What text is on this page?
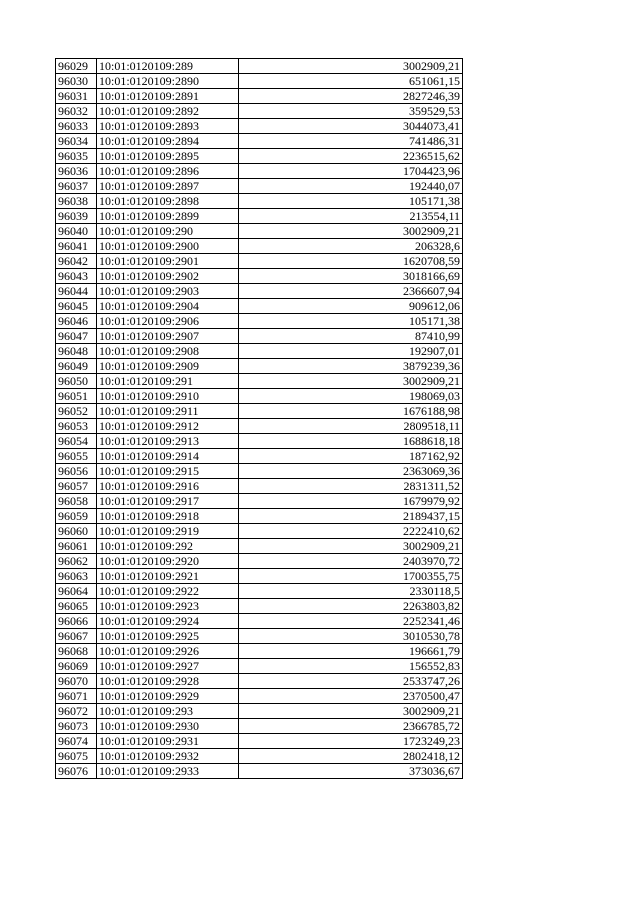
96029	10:01:0120109:289	3002909,21
96030	10:01:0120109:2890	651061,15
96031	10:01:0120109:2891	2827246,39
96032	10:01:0120109:2892	359529,53
96033	10:01:0120109:2893	3044073,41
96034	10:01:0120109:2894	741486,31
96035	10:01:0120109:2895	2236515,62
96036	10:01:0120109:2896	1704423,96
96037	10:01:0120109:2897	192440,07
96038	10:01:0120109:2898	105171,38
96039	10:01:0120109:2899	213554,11
96040	10:01:0120109:290	3002909,21
96041	10:01:0120109:2900	206328,6
96042	10:01:0120109:2901	1620708,59
96043	10:01:0120109:2902	3018166,69
96044	10:01:0120109:2903	2366607,94
96045	10:01:0120109:2904	909612,06
96046	10:01:0120109:2906	105171,38
96047	10:01:0120109:2907	87410,99
96048	10:01:0120109:2908	192907,01
96049	10:01:0120109:2909	3879239,36
96050	10:01:0120109:291	3002909,21
96051	10:01:0120109:2910	198069,03
96052	10:01:0120109:2911	1676188,98
96053	10:01:0120109:2912	2809518,11
96054	10:01:0120109:2913	1688618,18
96055	10:01:0120109:2914	187162,92
96056	10:01:0120109:2915	2363069,36
96057	10:01:0120109:2916	2831311,52
96058	10:01:0120109:2917	1679979,92
96059	10:01:0120109:2918	2189437,15
96060	10:01:0120109:2919	2222410,62
96061	10:01:0120109:292	3002909,21
96062	10:01:0120109:2920	2403970,72
96063	10:01:0120109:2921	1700355,75
96064	10:01:0120109:2922	2330118,5
96065	10:01:0120109:2923	2263803,82
96066	10:01:0120109:2924	2252341,46
96067	10:01:0120109:2925	3010530,78
96068	10:01:0120109:2926	196661,79
96069	10:01:0120109:2927	156552,83
96070	10:01:0120109:2928	2533747,26
96071	10:01:0120109:2929	2370500,47
96072	10:01:0120109:293	3002909,21
96073	10:01:0120109:2930	2366785,72
96074	10:01:0120109:2931	1723249,23
96075	10:01:0120109:2932	2802418,12
96076	10:01:0120109:2933	373036,67
